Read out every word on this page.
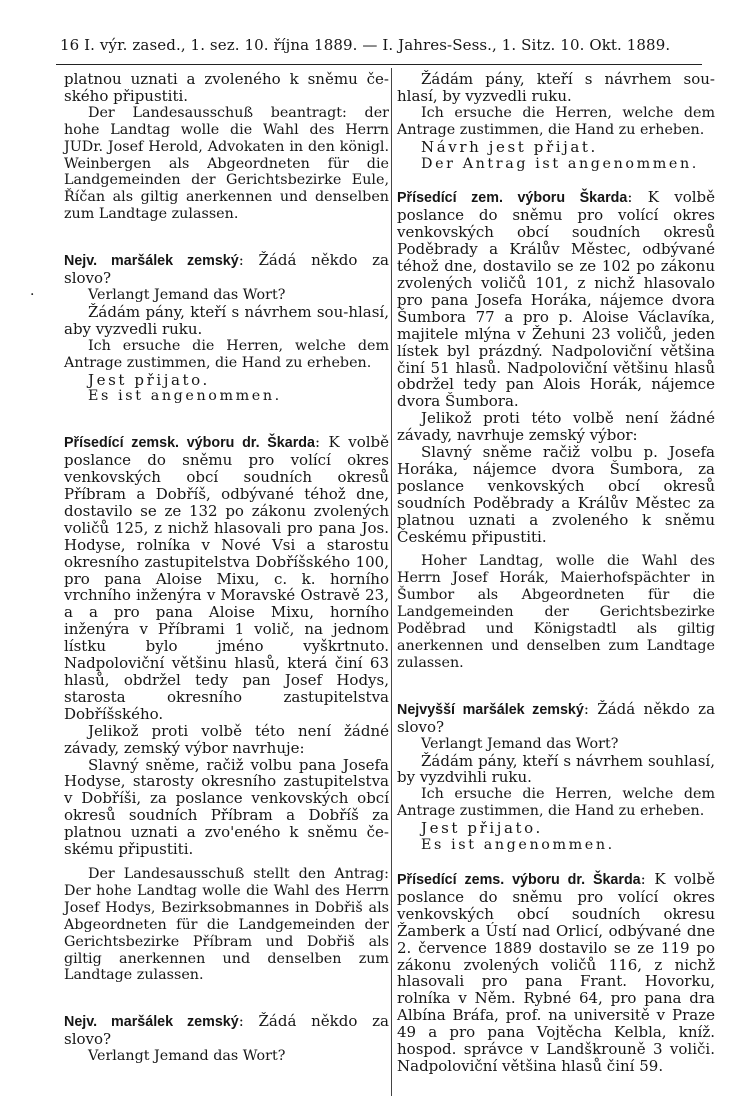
16 I. výr. zased., 1. sez. 10. října 1889. — I. Jahres-Sess., 1. Sitz. 10. Okt. 1889.
·

platnou uznati a zvoleného k sněmu če-ského připustiti.

Der Landesausschuß beantragt: der hohe Landtag wolle die Wahl des Herrn JUDr. Josef Herold, Advokaten in den königl. Weinbergen als Abgeordneten für die Landgemeinden der Gerichtsbezirke Eule, Říčan als giltig anerkennen und denselben zum Landtage zulassen.

Nejv. maršálek zemský: Žádá někdo za slovo?

Verlangt Jemand das Wort?

Žádám pány, kteří s návrhem sou-hlasí, aby vyzvedli ruku.

Ich ersuche die Herren, welche dem Antrage zustimmen, die Hand zu erheben.

Jest přijato.

Es ist angenommen.

Přísedící zemsk. výboru dr. Škarda: K volbě poslance do sněmu pro volící okres venkovských obcí soudních okresů Příbram a Dobříš, odbývané téhož dne, dostavilo se ze 132 po zákonu zvolených voličů 125, z nichž hlasovali pro pana Jos. Hodyse, rolníka v Nové Vsi a starostu okresního zastupitelstva Dobříšského 100, pro pana Aloise Mixu, c. k. horního vrchního inženýra v Moravské Ostravě 23, a a pro pana Aloise Mixu, horního inženýra v Příbrami 1 volič, na jednom lístku bylo jméno vyškrtnuto. Nadpoloviční většinu hlasů, která činí 63 hlasů, obdržel tedy pan Josef Hodys, starosta okresního zastupitelstva Dobříšského.

Jelikož proti volbě této není žádné závady, zemský výbor navrhuje:

Slavný sněme, račiž volbu pana Josefa Hodyse, starosty okresního zastupitelstva v Dobříši, za poslance venkovských obcí okresů soudních Příbram a Dobříš za platnou uznati a zvo'eného k sněmu če-skému připustiti.

Der Landesausschuß stellt den Antrag: Der hohe Landtag wolle die Wahl des Herrn Josef Hodys, Bezirksobmannes in Dobřiš als Abgeordneten für die Landgemeinden der Gerichtsbezirke Příbram und Dobřiš als giltig anerkennen und denselben zum Landtage zulassen.

Nejv. maršálek zemský: Žádá někdo za slovo?

Verlangt Jemand das Wort?

Žádám pány, kteří s návrhem sou-hlasí, by vyzvedli ruku.

Ich ersuche die Herren, welche dem Antrage zustimmen, die Hand zu erheben.

Návrh jest přijat.

Der Antrag ist angenommen.

Přísedící zem. výboru Škarda: K volbě poslance do sněmu pro volící okres venkovských obcí soudních okresů Poděbrady a Králův Městec, odbývané téhož dne, dostavilo se ze 102 po zákonu zvolených voličů 101, z nichž hlasovalo pro pana Josefa Horáka, nájemce dvora Šumbora 77 a pro p. Aloise Václavíka, majitele mlýna v Žehuni 23 voličů, jeden lístek byl prázdný. Nadpoloviční většina činí 51 hlasů. Nadpoloviční většinu hlasů obdržel tedy pan Alois Horák, nájemce dvora Šumbora.

Jelikož proti této volbě není žádné závady, navrhuje zemský výbor:

Slavný sněme račiž volbu p. Josefa Horáka, nájemce dvora Šumbora, za poslance venkovských obcí okresů soudních Poděbrady a Králův Městec za platnou uznati a zvoleného k sněmu Českému připustiti.

Hoher Landtag, wolle die Wahl des Herrn Josef Horák, Maierhofspächter in Šumbor als Abgeordneten für die Landgemeinden der Gerichtsbezirke Poděbrad und Königstadtl als giltig anerkennen und denselben zum Landtage zulassen.

Nejvyšší maršálek zemský: Žádá někdo za slovo?

Verlangt Jemand das Wort?

Žádám pány, kteří s návrhem souhlasí, by vyzdvihli ruku.

Ich ersuche die Herren, welche dem Antrage zustimmen, die Hand zu erheben.

Jest přijato.

Es ist angenommen.

Přísedící zems. výboru dr. Škarda: K volbě poslance do sněmu pro volící okres venkovských obcí soudních okresu Žamberk a Ústí nad Orlicí, odbývané dne 2. července 1889 dostavilo se ze 119 po zákonu zvolených voličů 116, z nichž hlasovali pro pana Frant. Hovorku, rolníka v Něm. Rybné 64, pro pana dra Albína Bráfa, prof. na universitě v Praze 49 a pro pana Vojtěcha Kelbla, kníž. hospod. správce v Landškrouně 3 voliči. Nadpoloviční většina hlasů činí 59.
